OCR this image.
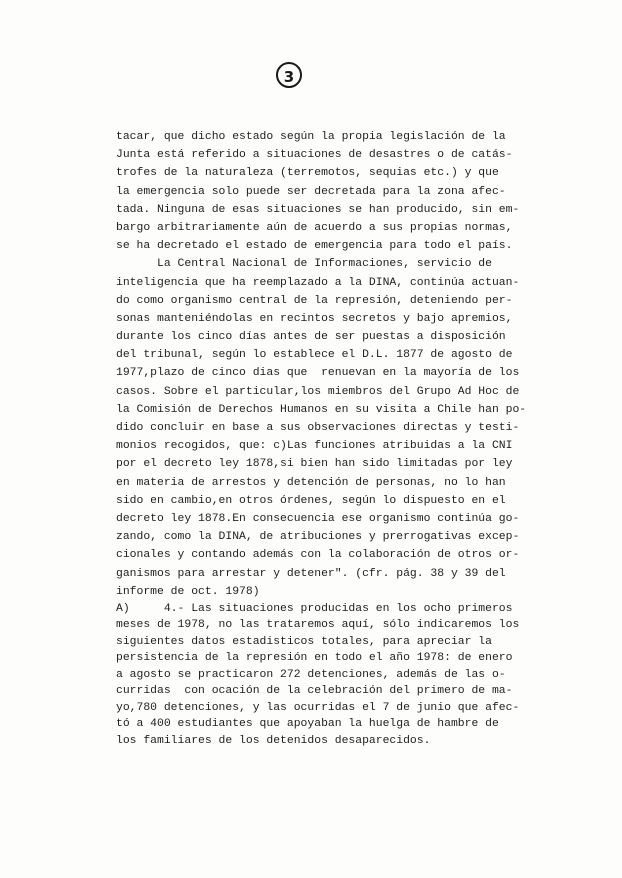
3
tacar, que dicho estado según la propia legislación de la
Junta está referido a situaciones de desastres o de catás-
trofes de la naturaleza (terremotos, sequias etc.) y que
la emergencia solo puede ser decretada para la zona afec-
tada. Ninguna de esas situaciones se han producido, sin em-
bargo arbitrariamente aún de acuerdo a sus propias normas,
se ha decretado el estado de emergencia para todo el país.
La Central Nacional de Informaciones, servicio de
inteligencia que ha reemplazado a la DINA, continúa actuan-
do como organismo central de la represión, deteniendo per-
sonas manteniéndolas en recintos secretos y bajo apremios,
durante los cinco días antes de ser puestas a disposición
del tribunal, según lo establece el D.L. 1877 de agosto de
1977,plazo de cinco dias que  renuevan en la mayoría de los
casos. Sobre el particular,los miembros del Grupo Ad Hoc de
la Comisión de Derechos Humanos en su visita a Chile han po-
dido concluir en base a sus observaciones directas y testi-
monios recogidos, que: c)Las funciones atribuidas a la CNI
por el decreto ley 1878,si bien han sido limitadas por ley
en materia de arrestos y detención de personas, no lo han
sido en cambio,en otros órdenes, según lo dispuesto en el
decreto ley 1878.En consecuencia ese organismo continúa go-
zando, como la DINA, de atribuciones y prerrogativas excep-
cionales y contando además con la colaboración de otros or-
ganismos para arrestar y detener". (cfr. pág. 38 y 39 del
informe de oct. 1978)
A)     4.- Las situaciones producidas en los ocho primeros
meses de 1978, no las trataremos aquí, sólo indicaremos los
siguientes datos estadisticos totales, para apreciar la
persistencia de la represión en todo el año 1978: de enero
a agosto se practicaron 272 detenciones, además de las o-
curridas  con ocación de la celebración del primero de ma-
yo,780 detenciones, y las ocurridas el 7 de junio que afec-
tó a 400 estudiantes que apoyaban la huelga de hambre de
los familiares de los detenidos desaparecidos.
